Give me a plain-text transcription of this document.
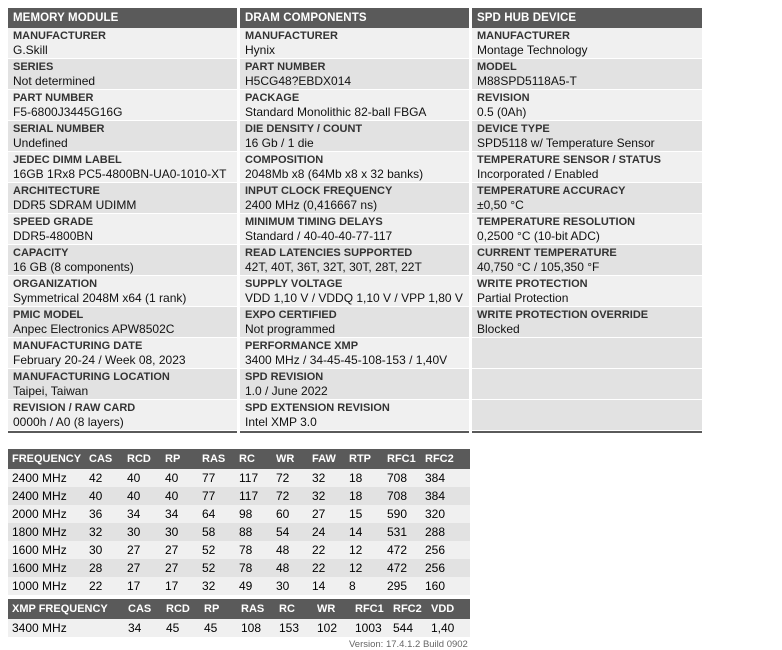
MEMORY MODULE
MANUFACTURER
G.Skill
SERIES
Not determined
PART NUMBER
F5-6800J3445G16G
SERIAL NUMBER
Undefined
JEDEC DIMM LABEL
16GB 1Rx8 PC5-4800BN-UA0-1010-XT
ARCHITECTURE
DDR5 SDRAM UDIMM
SPEED GRADE
DDR5-4800BN
CAPACITY
16 GB (8 components)
ORGANIZATION
Symmetrical 2048M x64 (1 rank)
PMIC MODEL
Anpec Electronics APW8502C
MANUFACTURING DATE
February 20-24 / Week 08, 2023
MANUFACTURING LOCATION
Taipei, Taiwan
REVISION / RAW CARD
0000h / A0 (8 layers)
DRAM COMPONENTS
MANUFACTURER
Hynix
PART NUMBER
H5CG48?EBDX014
PACKAGE
Standard Monolithic 82-ball FBGA
DIE DENSITY / COUNT
16 Gb / 1 die
COMPOSITION
2048Mb x8 (64Mb x8 x 32 banks)
INPUT CLOCK FREQUENCY
2400 MHz (0,416667 ns)
MINIMUM TIMING DELAYS
Standard / 40-40-40-77-117
READ LATENCIES SUPPORTED
42T, 40T, 36T, 32T, 30T, 28T, 22T
SUPPLY VOLTAGE
VDD 1,10 V / VDDQ 1,10 V / VPP 1,80 V
EXPO CERTIFIED
Not programmed
PERFORMANCE XMP
3400 MHz / 34-45-45-108-153 / 1,40V
SPD REVISION
1.0 / June 2022
SPD EXTENSION REVISION
Intel XMP 3.0
SPD HUB DEVICE
MANUFACTURER
Montage Technology
MODEL
M88SPD5118A5-T
REVISION
0.5 (0Ah)
DEVICE TYPE
SPD5118 w/ Temperature Sensor
TEMPERATURE SENSOR / STATUS
Incorporated / Enabled
TEMPERATURE ACCURACY
±0,50 °C
TEMPERATURE RESOLUTION
0,2500 °C (10-bit ADC)
CURRENT TEMPERATURE
40,750 °C / 105,350 °F
WRITE PROTECTION
Partial Protection
WRITE PROTECTION OVERRIDE
Blocked
FREQUENCY	CAS	RCD	RP	RAS	RC	WR	FAW	RTP	RFC1	RFC2
2400 MHz	42	40	40	77	117	72	32	18	708	384
2400 MHz	40	40	40	77	117	72	32	18	708	384
2000 MHz	36	34	34	64	98	60	27	15	590	320
1800 MHz	32	30	30	58	88	54	24	14	531	288
1600 MHz	30	27	27	52	78	48	22	12	472	256
1600 MHz	28	27	27	52	78	48	22	12	472	256
1000 MHz	22	17	17	32	49	30	14	8	295	160
XMP FREQUENCY	CAS	RCD	RP	RAS	RC	WR	RFC1	RFC2	VDD
3400 MHz	34	45	45	108	153	102	1003	544	1,40
Version: 17.4.1.2 Build 0902
